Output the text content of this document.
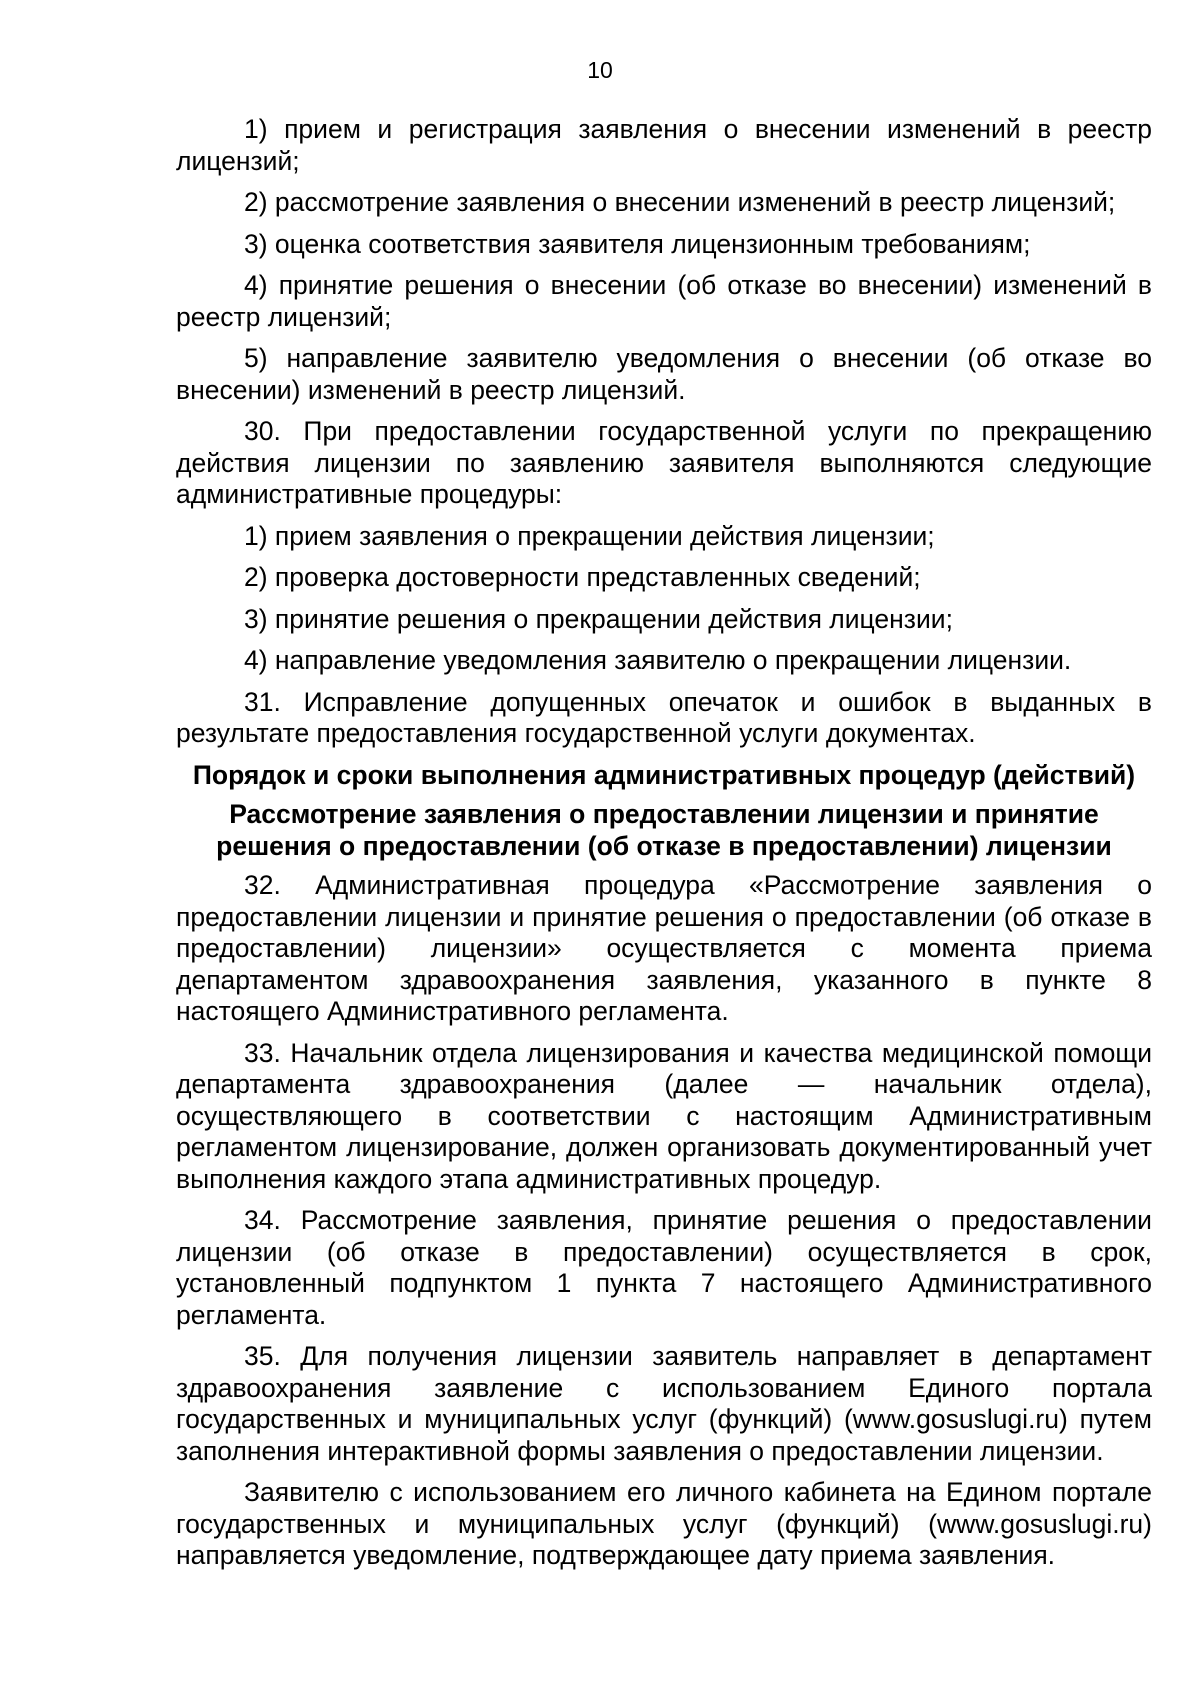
10

1) прием и регистрация заявления о внесении изменений в реестр лицензий;

2) рассмотрение заявления о внесении изменений в реестр лицензий;

3) оценка соответствия заявителя лицензионным требованиям;

4) принятие решения о внесении (об отказе во внесении) изменений в реестр лицензий;

5) направление заявителю уведомления о внесении (об отказе во внесении) изменений в реестр лицензий.

30. При предоставлении государственной услуги по прекращению действия лицензии по заявлению заявителя выполняются следующие административные процедуры:

1) прием заявления о прекращении действия лицензии;

2) проверка достоверности представленных сведений;

3) принятие решения о прекращении действия лицензии;

4) направление уведомления заявителю о прекращении лицензии.

31. Исправление допущенных опечаток и ошибок в выданных в результате предоставления государственной услуги документах.

Порядок и сроки выполнения административных процедур (действий)

Рассмотрение заявления о предоставлении лицензии и принятие решения о предоставлении (об отказе в предоставлении) лицензии

32. Административная процедура «Рассмотрение заявления о предоставлении лицензии и принятие решения о предоставлении (об отказе в предоставлении) лицензии» осуществляется с момента приема департаментом здравоохранения заявления, указанного в пункте 8 настоящего Административного регламента.

33. Начальник отдела лицензирования и качества медицинской помощи департамента здравоохранения (далее — начальник отдела), осуществляющего в соответствии с настоящим Административным регламентом лицензирование, должен организовать документированный учет выполнения каждого этапа административных процедур.

34. Рассмотрение заявления, принятие решения о предоставлении лицензии (об отказе в предоставлении) осуществляется в срок, установленный подпунктом 1 пункта 7 настоящего Административного регламента.

35. Для получения лицензии заявитель направляет в департамент здравоохранения заявление с использованием Единого портала государственных и муниципальных услуг (функций) (www.gosuslugi.ru) путем заполнения интерактивной формы заявления о предоставлении лицензии.

Заявителю с использованием его личного кабинета на Едином портале государственных и муниципальных услуг (функций) (www.gosuslugi.ru) направляется уведомление, подтверждающее дату приема заявления.
